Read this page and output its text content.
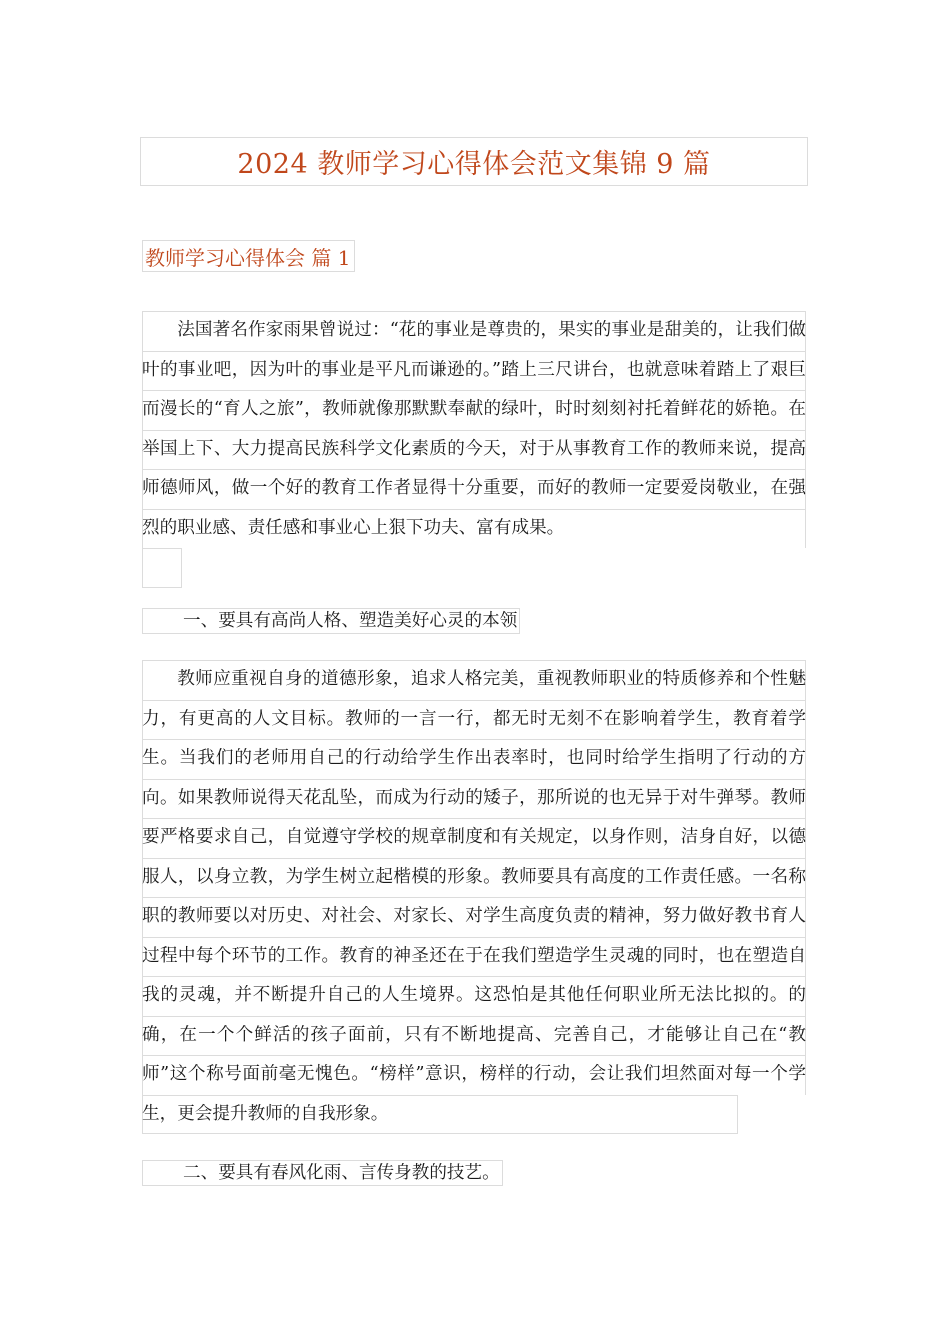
2024 教师学习心得体会范文集锦 9 篇
教师学习心得体会 篇 1
法国著名作家雨果曾说过：“花的事业是尊贵的，果实的事业是甜美的，让我们做叶的事业吧，因为叶的事业是平凡而谦逊的。”踏上三尺讲台，也就意味着踏上了艰巨而漫长的“育人之旅”，教师就像那默默奉献的绿叶，时时刻刻衬托着鲜花的娇艳。在举国上下、大力提高民族科学文化素质的今天，对于从事教育工作的教师来说，提高师德师风，做一个好的教育工作者显得十分重要，而好的教师一定要爱岗敬业，在强烈的职业感、责任感和事业心上狠下功夫、富有成果。
一、要具有高尚人格、塑造美好心灵的本领
教师应重视自身的道德形象，追求人格完美，重视教师职业的特质修养和个性魅力，有更高的人文目标。教师的一言一行，都无时无刻不在影响着学生，教育着学生。当我们的老师用自己的行动给学生作出表率时，也同时给学生指明了行动的方向。如果教师说得天花乱坠，而成为行动的矮子，那所说的也无异于对牛弹琴。教师要严格要求自己，自觉遵守学校的规章制度和有关规定，以身作则，洁身自好，以德服人，以身立教，为学生树立起楷模的形象。教师要具有高度的工作责任感。一名称职的教师要以对历史、对社会、对家长、对学生高度负责的精神，努力做好教书育人过程中每个环节的工作。教育的神圣还在于在我们塑造学生灵魂的同时，也在塑造自我的灵魂，并不断提升自己的人生境界。这恐怕是其他任何职业所无法比拟的。的确，在一个个鲜活的孩子面前，只有不断地提高、完善自己，才能够让自己在“教师”这个称号面前毫无愧色。“榜样”意识，榜样的行动，会让我们坦然面对每一个学生，更会提升教师的自我形象。
二、要具有春风化雨、言传身教的技艺。
